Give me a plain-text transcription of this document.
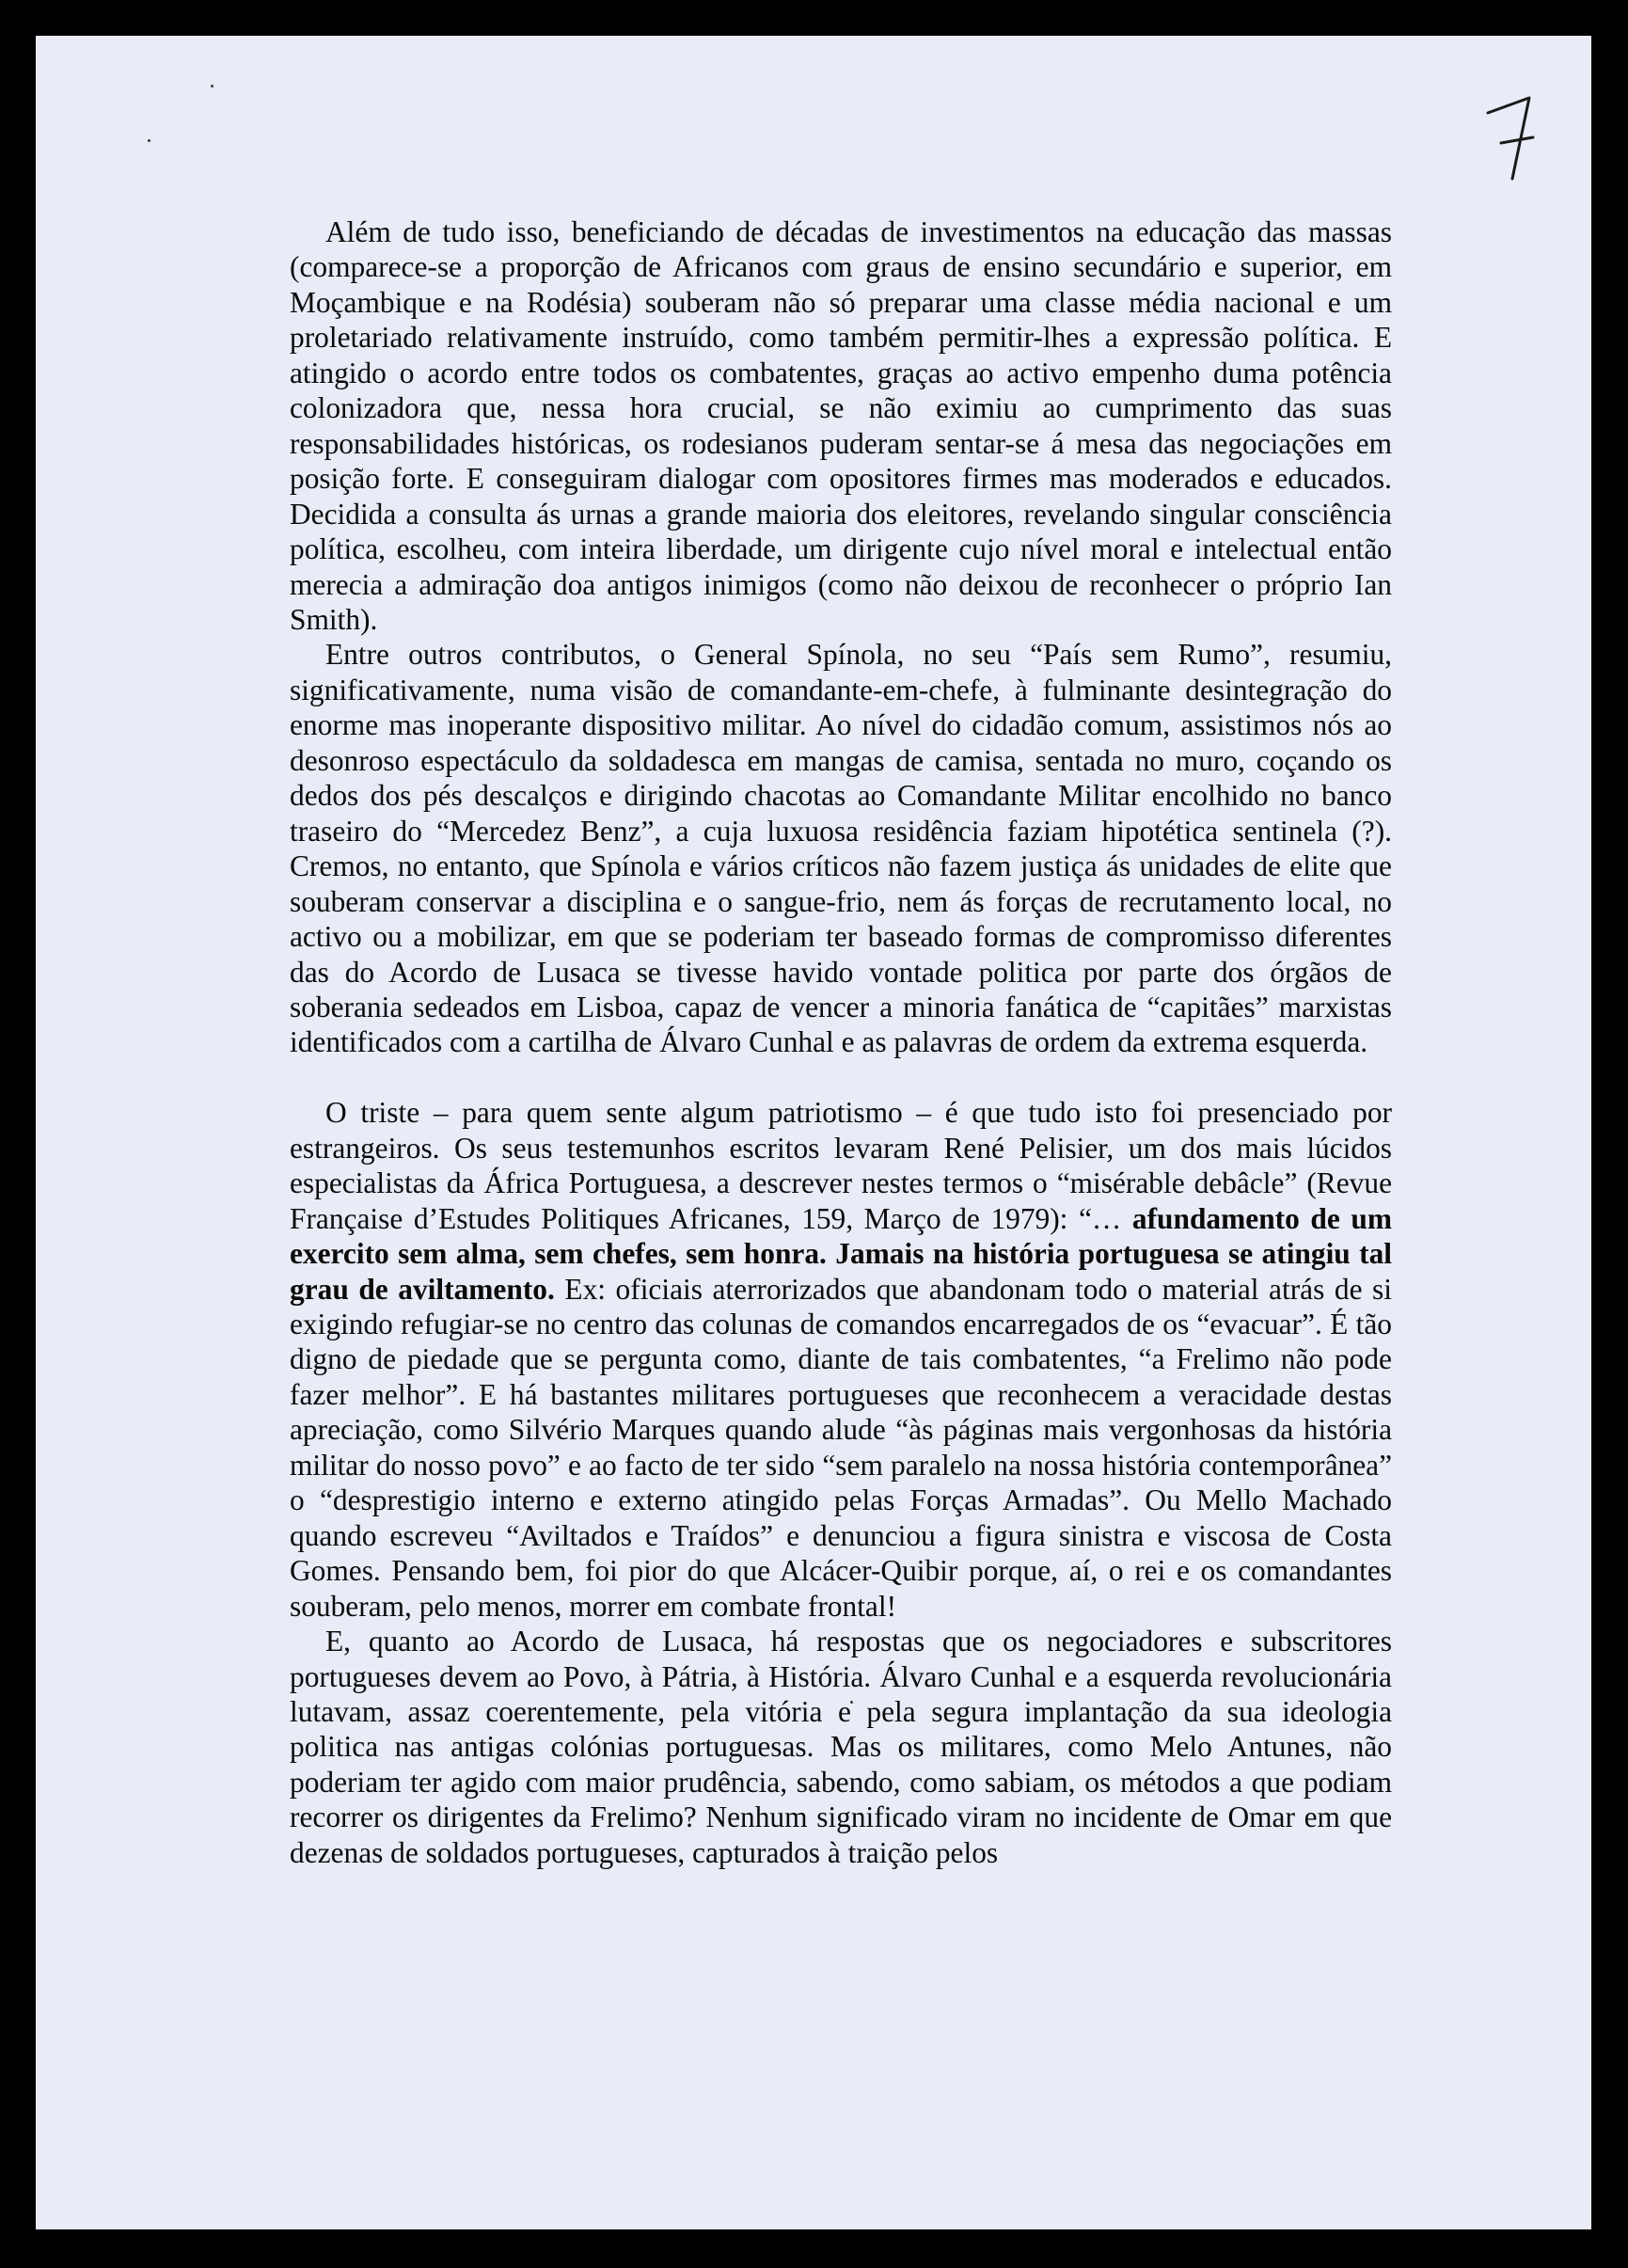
Além de tudo isso, beneficiando de décadas de investimentos na educação das massas (comparece-se a proporção de Africanos com graus de ensino secundário e superior, em Moçambique e na Rodésia) souberam não só preparar uma classe média nacional e um proletariado relativamente instruído, como também permitir-lhes a expressão política. E atingido o acordo entre todos os combatentes, graças ao activo empenho duma potência colonizadora que, nessa hora crucial, se não eximiu ao cumprimento das suas responsabilidades históricas, os rodesianos puderam sentar-se á mesa das negociações em posição forte. E conseguiram dialogar com opositores firmes mas moderados e educados. Decidida a consulta ás urnas a grande maioria dos eleitores, revelando singular consciência política, escolheu, com inteira liberdade, um dirigente cujo nível moral e intelectual então merecia a admiração doa antigos inimigos (como não deixou de reconhecer o próprio Ian Smith).

Entre outros contributos, o General Spínola, no seu “País sem Rumo”, resumiu, significativamente, numa visão de comandante-em-chefe, à fulminante desintegração do enorme mas inoperante dispositivo militar. Ao nível do cidadão comum, assistimos nós ao desonroso espectáculo da soldadesca em mangas de camisa, sentada no muro, coçando os dedos dos pés descalços e dirigindo chacotas ao Comandante Militar encolhido no banco traseiro do “Mercedez Benz”, a cuja luxuosa residência faziam hipotética sentinela (?). Cremos, no entanto, que Spínola e vários críticos não fazem justiça ás unidades de elite que souberam conservar a disciplina e o sangue-frio, nem ás forças de recrutamento local, no activo ou a mobilizar, em que se poderiam ter baseado formas de compromisso diferentes das do Acordo de Lusaca se tivesse havido vontade politica por parte dos órgãos de soberania sedeados em Lisboa, capaz de vencer a minoria fanática de “capitães” marxistas identificados com a cartilha de Álvaro Cunhal e as palavras de ordem da extrema esquerda.

O triste – para quem sente algum patriotismo – é que tudo isto foi presenciado por estrangeiros. Os seus testemunhos escritos levaram René Pelisier, um dos mais lúcidos especialistas da África Portuguesa, a descrever nestes termos o “misérable debâcle” (Revue Française d’Estudes Politiques Africanes, 159, Março de 1979): “… afundamento de um exercito sem alma, sem chefes, sem honra. Jamais na história portuguesa se atingiu tal grau de aviltamento. Ex: oficiais aterrorizados que abandonam todo o material atrás de si exigindo refugiar-se no centro das colunas de comandos encarregados de os “evacuar”. É tão digno de piedade que se pergunta como, diante de tais combatentes, “a Frelimo não pode fazer melhor”. E há bastantes militares portugueses que reconhecem a veracidade destas apreciação, como Silvério Marques quando alude “às páginas mais vergonhosas da história militar do nosso povo” e ao facto de ter sido “sem paralelo na nossa história contemporânea” o “desprestigio interno e externo atingido pelas Forças Armadas”. Ou Mello Machado quando escreveu “Aviltados e Traídos” e denunciou a figura sinistra e viscosa de Costa Gomes. Pensando bem, foi pior do que Alcácer-Quibir porque, aí, o rei e os comandantes souberam, pelo menos, morrer em combate frontal!

E, quanto ao Acordo de Lusaca, há respostas que os negociadores e subscritores portugueses devem ao Povo, à Pátria, à História. Álvaro Cunhal e a esquerda revolucionária lutavam, assaz coerentemente, pela vitória e pela segura implantação da sua ideologia politica nas antigas colónias portuguesas. Mas os militares, como Melo Antunes, não poderiam ter agido com maior prudência, sabendo, como sabiam, os métodos a que podiam recorrer os dirigentes da Frelimo? Nenhum significado viram no incidente de Omar em que dezenas de soldados portugueses, capturados à traição pelos
